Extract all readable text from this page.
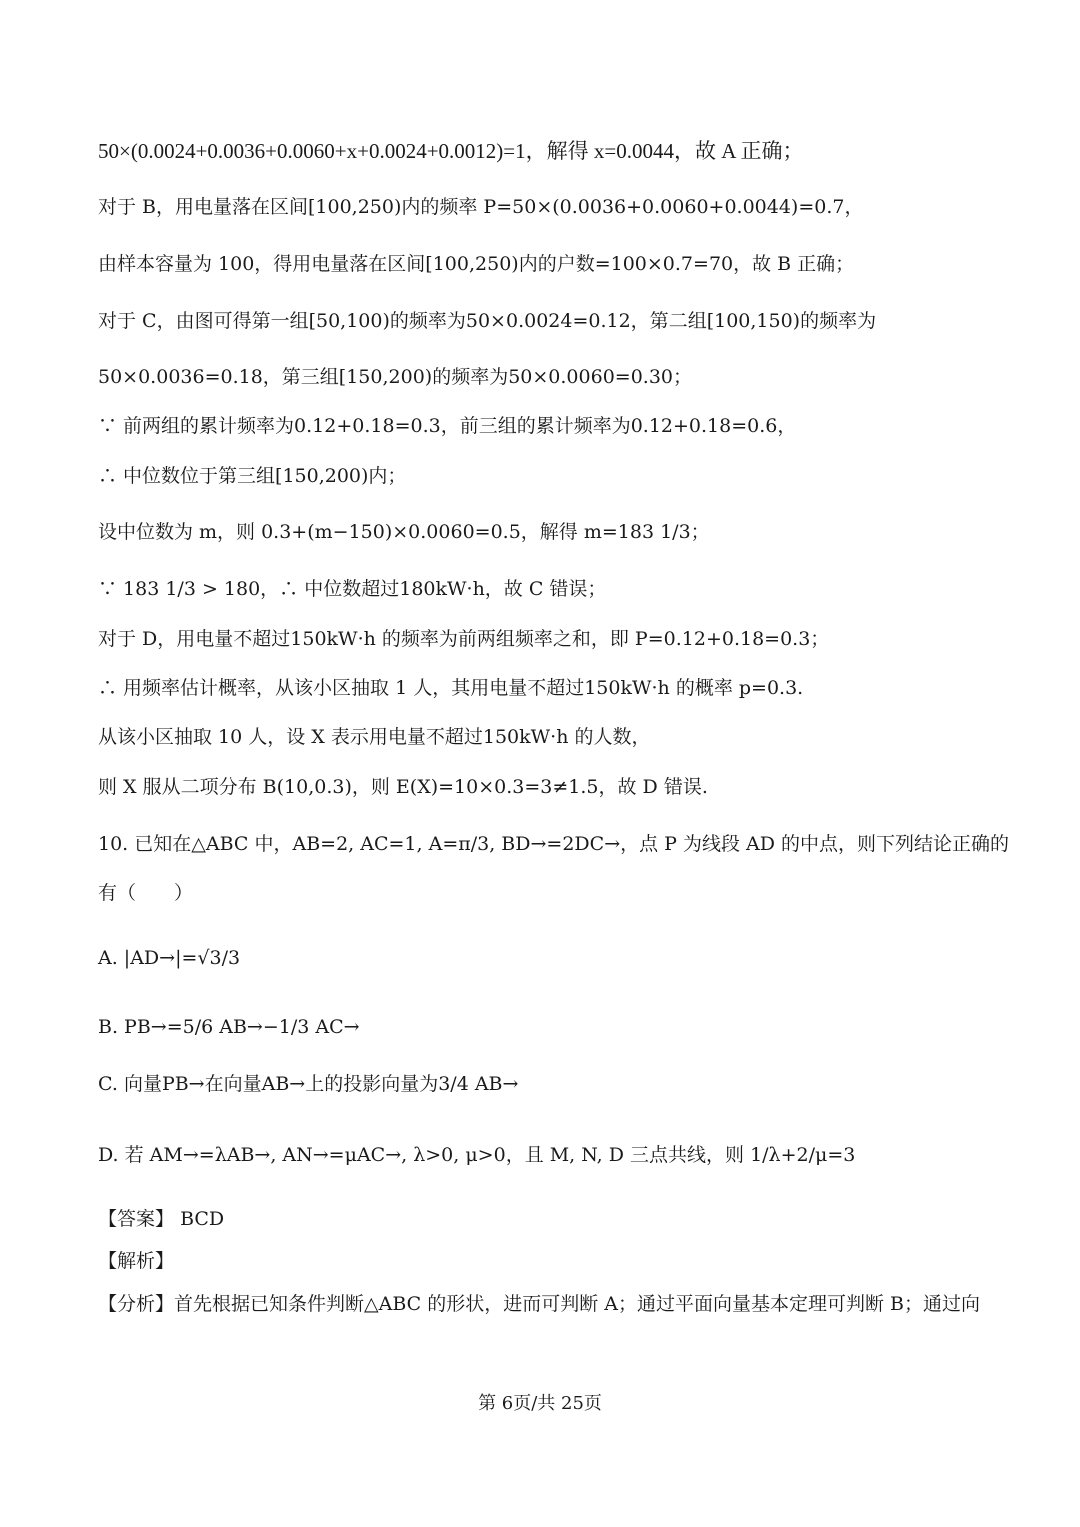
50×(0.0024+0.0036+0.0060+x+0.0024+0.0012)=1，解得 x=0.0044，故 A 正确；
对于 B，用电量落在区间[100,250)内的频率 P=50×(0.0036+0.0060+0.0044)=0.7，
由样本容量为 100，得用电量落在区间[100,250)内的户数=100×0.7=70，故 B 正确；
对于 C，由图可得第一组[50,100)的频率为50×0.0024=0.12，第二组[100,150)的频率为
50×0.0036=0.18，第三组[150,200)的频率为50×0.0060=0.30；
∵ 前两组的累计频率为0.12+0.18=0.3，前三组的累计频率为0.12+0.18=0.6，
∴ 中位数位于第三组[150,200)内；
设中位数为 m，则 0.3+(m−150)×0.0060=0.5，解得 m=183 1/3；
∵ 183 1/3 > 180，∴ 中位数超过180kW·h，故 C 错误；
对于 D，用电量不超过150kW·h 的频率为前两组频率之和，即 P=0.12+0.18=0.3；
∴ 用频率估计概率，从该小区抽取 1 人，其用电量不超过150kW·h 的概率 p=0.3.
从该小区抽取 10 人，设 X 表示用电量不超过150kW·h 的人数，
则 X 服从二项分布 B(10,0.3)，则 E(X)=10×0.3=3≠1.5，故 D 错误.
10. 已知在△ABC 中，AB=2, AC=1, A=π/3, BD→=2DC→，点 P 为线段 AD 的中点，则下列结论正确的
有（　　）
A. |AD→|=√3/3
B. PB→=5/6 AB→−1/3 AC→
C. 向量PB→在向量AB→上的投影向量为3/4 AB→
D. 若 AM→=λAB→, AN→=μAC→, λ>0, μ>0，且 M, N, D 三点共线，则 1/λ+2/μ=3
【答案】 BCD
【解析】
【分析】首先根据已知条件判断△ABC 的形状，进而可判断 A；通过平面向量基本定理可判断 B；通过向
第 6页/共 25页
